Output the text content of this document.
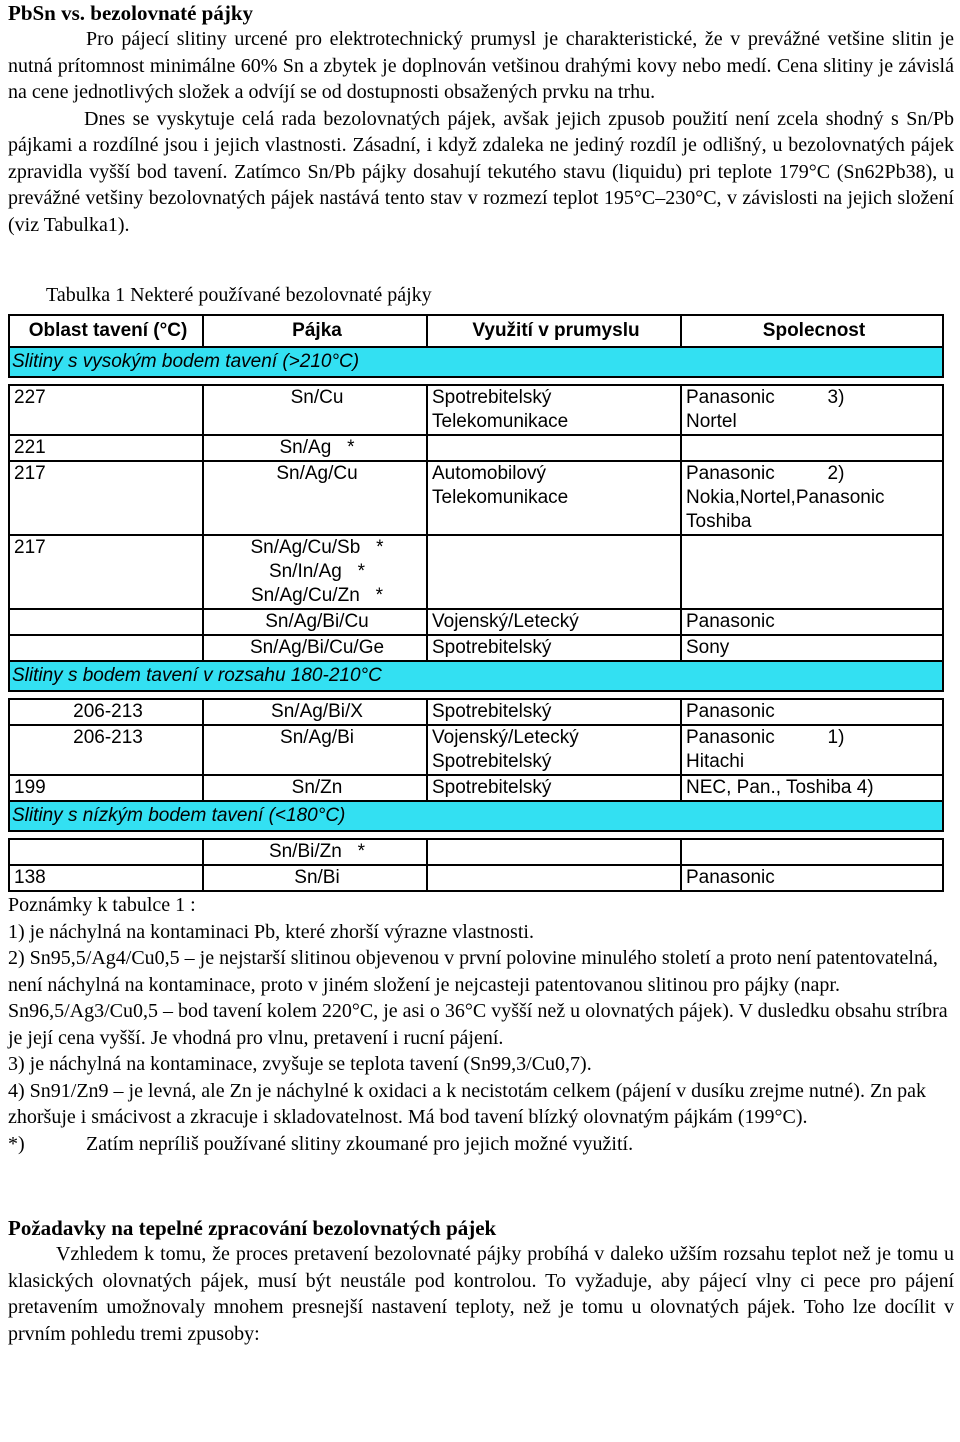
PbSn vs. bezolovnaté pájky

Pro pájecí slitiny urcené pro elektrotechnický prumysl je charakteristické, že v prevážné vetšine slitin je nutná prítomnost minimálne 60% Sn a zbytek je doplnován vetšinou drahými kovy nebo medí. Cena slitiny je závislá na cene jednotlivých složek a odvíjí se od dostupnosti obsažených prvku na trhu.

Dnes se vyskytuje celá rada bezolovnatých pájek, avšak jejich zpusob použití není zcela shodný s Sn/Pb pájkami a rozdílné jsou i jejich vlastnosti. Zásadní, i když zdaleka ne jediný rozdíl je odlišný, u bezolovnatých pájek zpravidla vyšší bod tavení. Zatímco Sn/Pb pájky dosahují tekutého stavu (liquidu) pri teplote 179°C (Sn62Pb38), u prevážné vetšiny bezolovnatých pájek nastává tento stav v rozmezí teplot 195°C–230°C, v závislosti na jejich složení (viz Tabulka1).

Tabulka 1 Nekteré používané bezolovnaté pájky
Oblast tavení (°C)	Pájka	Využití v prumyslu	Spolecnost
Slitiny s vysokým bodem tavení (>210°C)			

227	Sn/Cu	Spotrebitelský	Panasonic          3)
		Telekomunikace	Nortel
221	Sn/Ag   *		
217	Sn/Ag/Cu	Automobilový	Panasonic          2)
		Telekomunikace	Nokia,Nortel,Panasonic Toshiba
217	Sn/Ag/Cu/Sb   *		
	Sn/In/Ag   *		
	Sn/Ag/Cu/Zn   *		
	Sn/Ag/Bi/Cu	Vojenský/Letecký	Panasonic
	Sn/Ag/Bi/Cu/Ge	Spotrebitelský	Sony
Slitiny s bodem tavení v rozsahu 180-210°C			

206-213	Sn/Ag/Bi/X	Spotrebitelský	Panasonic
206-213	Sn/Ag/Bi	Vojenský/Letecký	Panasonic          1)
		Spotrebitelský	Hitachi
199	Sn/Zn	Spotrebitelský	NEC, Pan., Toshiba 4)
Slitiny s nízkým bodem tavení (<180°C)			

	Sn/Bi/Zn   *		
138	Sn/Bi		Panasonic

Poznámky k tabulce 1 :

1) je náchylná na kontaminaci Pb, které zhorší výrazne vlastnosti.

2) Sn95,5/Ag4/Cu0,5 – je nejstarší slitinou objevenou v první polovine minulého století a proto není patentovatelná, není náchylná na kontaminace, proto v jiném složení je nejcasteji patentovanou slitinou pro pájky (napr. Sn96,5/Ag3/Cu0,5 – bod tavení kolem 220°C, je asi o 36°C vyšší než u olovnatých pájek). V dusledku obsahu stríbra je její cena vyšší. Je vhodná pro vlnu, pretavení i rucní pájení.

3) je náchylná na kontaminace, zvyšuje se teplota tavení (Sn99,3/Cu0,7).

4) Sn91/Zn9 – je levná, ale Zn je náchylné k oxidaci a k necistotám celkem (pájení v dusíku zrejme nutné). Zn pak zhoršuje i smácivost a zkracuje i skladovatelnost. Má bod tavení blízký olovnatým pájkám (199°C).

*)	Zatím nepríliš používané slitiny zkoumané pro jejich možné využití.

Požadavky na tepelné zpracování bezolovnatých pájek

Vzhledem k tomu, že proces pretavení bezolovnaté pájky probíhá v daleko užším rozsahu teplot než je tomu u klasických olovnatých pájek, musí být neustále pod kontrolou. To vyžaduje, aby pájecí vlny ci pece pro pájení pretavením umožnovaly mnohem presnejší nastavení teploty, než je tomu u olovnatých pájek. Toho lze docílit v prvním pohledu tremi zpusoby:
